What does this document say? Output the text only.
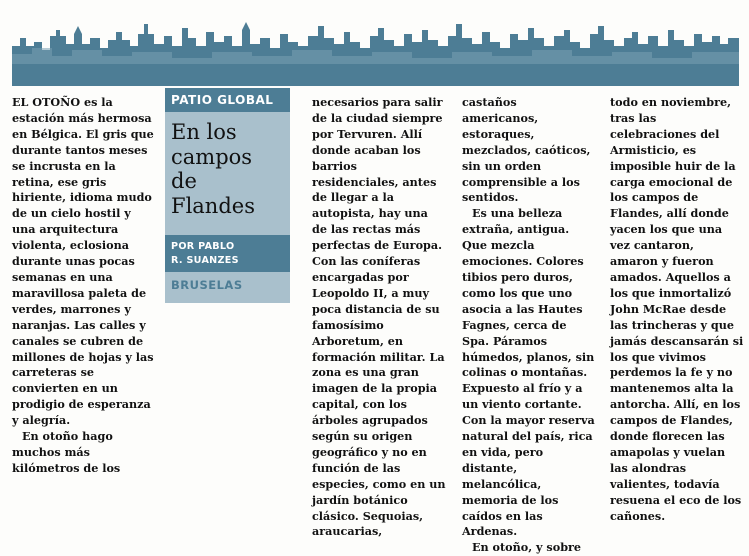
EL OTOÑO es la estación más hermosa en Bélgica. El gris que durante tantos meses se incrusta en la retina, ese gris hiriente, idioma mudo de un cielo hostil y una arquitectura violenta, eclosiona durante unas pocas semanas en una maravillosa paleta de verdes, marrones y naranjas. Las calles y canales se cubren de millones de hojas y las carreteras se convierten en un prodigio de esperanza y alegría.

En otoño hago muchos más kilómetros de los

PATIO GLOBAL
En los
campos
de
Flandes
POR PABLO
R. SUANZES
BRUSELAS

necesarios para salir de la ciudad siempre por Tervuren. Allí donde acaban los barrios residenciales, antes de llegar a la autopista, hay una de las rectas más perfectas de Europa. Con las coníferas encargadas por Leopoldo II, a muy poca distancia de su famosísimo Arboretum, en formación militar. La zona es una gran imagen de la propia capital, con los árboles agrupados según su origen geográfico y no en función de las especies, como en un jardín botánico clásico. Sequoias, araucarias,

castaños americanos, estoraques, mezclados, caóticos, sin un orden comprensible a los sentidos.

Es una belleza extraña, antigua. Que mezcla emociones. Colores tibios pero duros, como los que uno asocia a las Hautes Fagnes, cerca de Spa. Páramos húmedos, planos, sin colinas o montañas. Expuesto al frío y a un viento cortante. Con la mayor reserva natural del país, rica en vida, pero distante, melancólica, memoria de los caídos en las Ardenas.

En otoño, y sobre

todo en noviembre, tras las celebraciones del Armisticio, es imposible huir de la carga emocional de los campos de Flandes, allí donde yacen los que una vez cantaron, amaron y fueron amados. Aquellos a los que inmortalizó John McRae desde las trincheras y que jamás descansarán si los que vivimos perdemos la fe y no mantenemos alta la antorcha. Allí, en los campos de Flandes, donde florecen las amapolas y vuelan las alondras valientes, todavía resuena el eco de los cañones.
